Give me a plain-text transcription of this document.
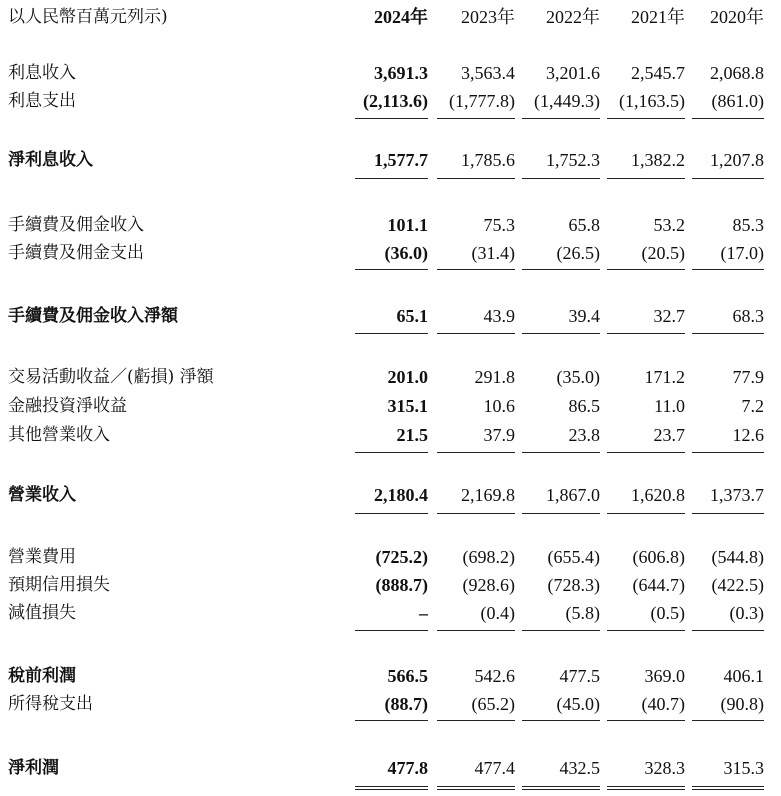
以人民幣百萬元列示)	2024年	2023年	2022年	2021年	2020年
利息收入	3,691.3	3,563.4	3,201.6	2,545.7	2,068.8
利息支出	(2,113.6)	(1,777.8)	(1,449.3)	(1,163.5)	(861.0)
淨利息收入	1,577.7	1,785.6	1,752.3	1,382.2	1,207.8
手續費及佣金收入	101.1	75.3	65.8	53.2	85.3
手續費及佣金支出	(36.0)	(31.4)	(26.5)	(20.5)	(17.0)
手續費及佣金收入淨額	65.1	43.9	39.4	32.7	68.3
交易活動收益／(虧損) 淨額	201.0	291.8	(35.0)	171.2	77.9
金融投資淨收益	315.1	10.6	86.5	11.0	7.2
其他營業收入	21.5	37.9	23.8	23.7	12.6
營業收入	2,180.4	2,169.8	1,867.0	1,620.8	1,373.7
營業費用	(725.2)	(698.2)	(655.4)	(606.8)	(544.8)
預期信用損失	(888.7)	(928.6)	(728.3)	(644.7)	(422.5)
減值損失	–	(0.4)	(5.8)	(0.5)	(0.3)
稅前利潤	566.5	542.6	477.5	369.0	406.1
所得稅支出	(88.7)	(65.2)	(45.0)	(40.7)	(90.8)
淨利潤	477.8	477.4	432.5	328.3	315.3
